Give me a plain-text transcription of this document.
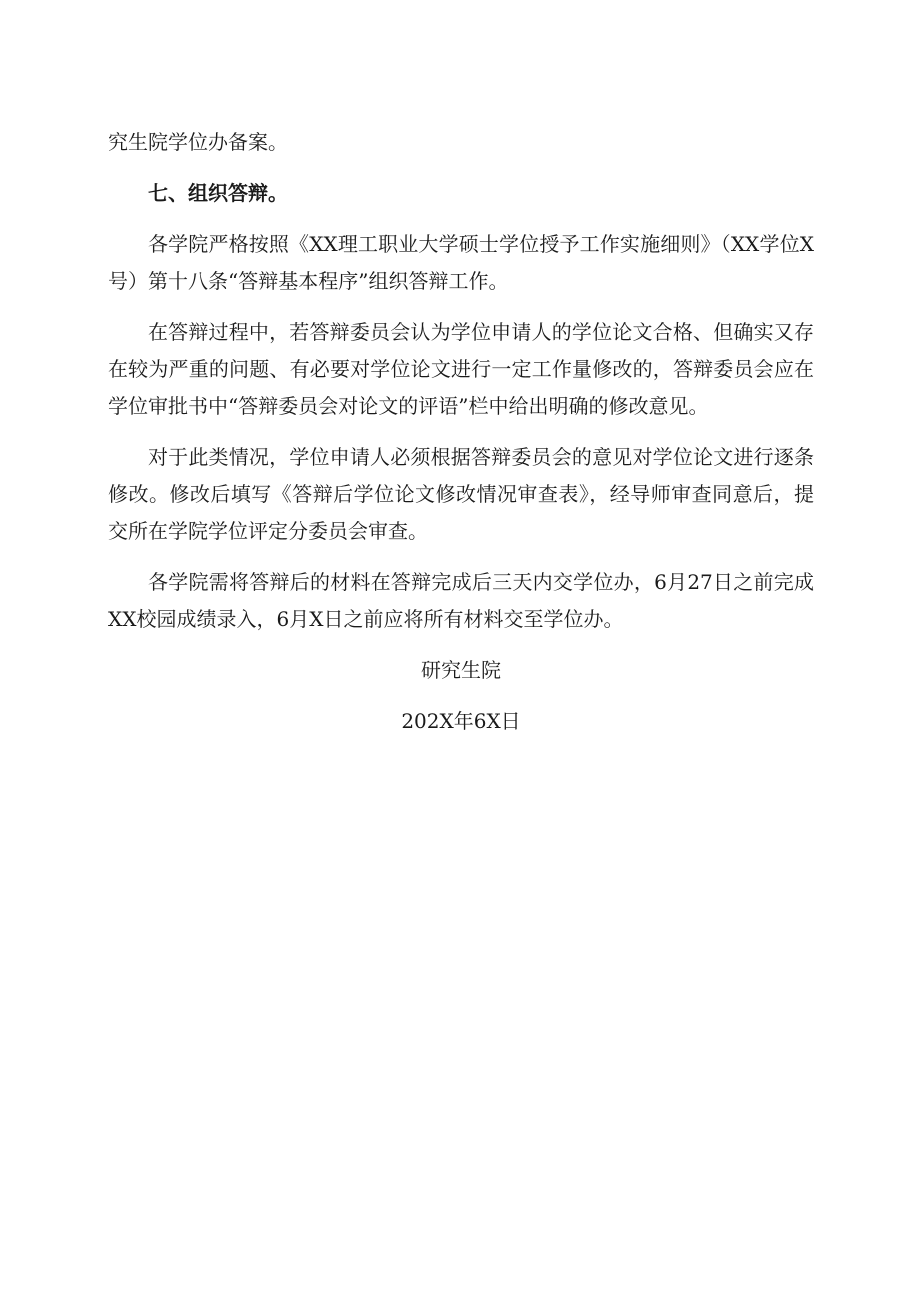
究生院学位办备案。

七、组织答辩。

各学院严格按照《XX理工职业大学硕士学位授予工作实施细则》（XX学位X号）第十八条“答辩基本程序”组织答辩工作。

在答辩过程中，若答辩委员会认为学位申请人的学位论文合格、但确实又存在较为严重的问题、有必要对学位论文进行一定工作量修改的，答辩委员会应在学位审批书中“答辩委员会对论文的评语”栏中给出明确的修改意见。

对于此类情况，学位申请人必须根据答辩委员会的意见对学位论文进行逐条修改。修改后填写《答辩后学位论文修改情况审查表》，经导师审查同意后，提交所在学院学位评定分委员会审查。

各学院需将答辩后的材料在答辩完成后三天内交学位办，6月27日之前完成XX校园成绩录入，6月X日之前应将所有材料交至学位办。

研究生院

202X年6X日
